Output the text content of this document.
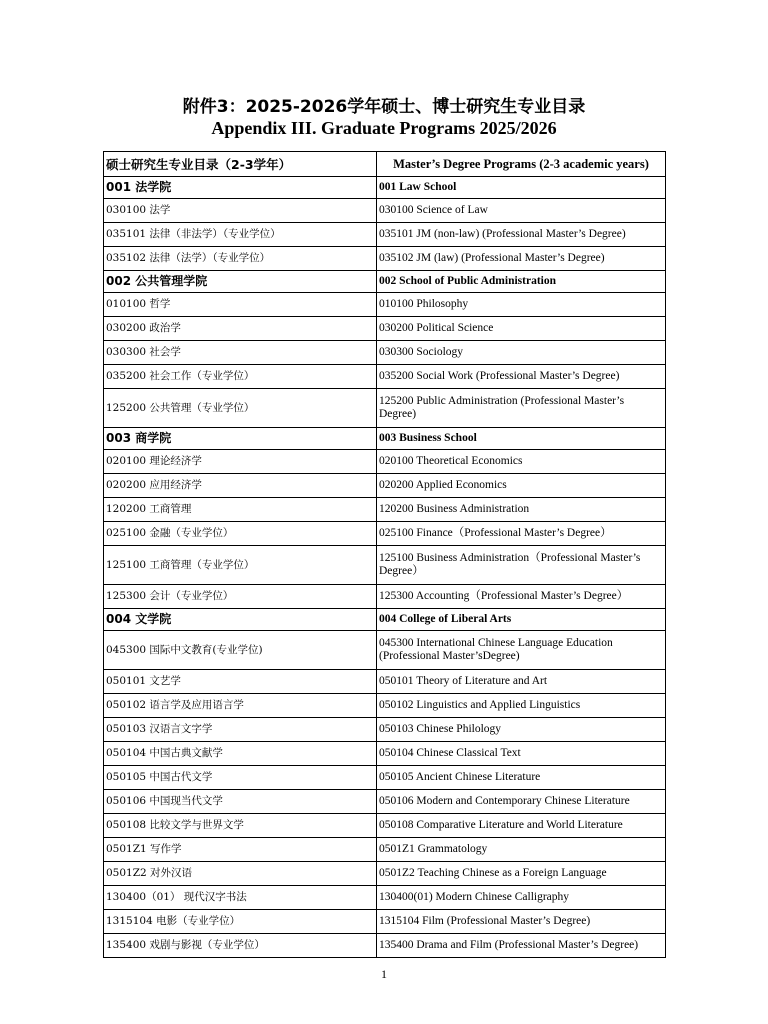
附件3：2025-2026学年硕士、博士研究生专业目录
Appendix III. Graduate Programs 2025/2026
硕士研究生专业目录（2-3学年）	Master’s Degree Programs (2-3 academic years)
001 法学院	001 Law School
030100 法学	030100 Science of Law
035101 法律（非法学）（专业学位）	035101 JM (non-law) (Professional Master’s Degree)
035102 法律（法学）（专业学位）	035102 JM (law) (Professional Master’s Degree)
002 公共管理学院	002 School of Public Administration
010100 哲学	010100 Philosophy
030200 政治学	030200 Political Science
030300 社会学	030300 Sociology
035200 社会工作（专业学位）	035200 Social Work (Professional Master’s Degree)
125200 公共管理（专业学位）	125200 Public Administration (Professional Master’s Degree)
003 商学院	003 Business School
020100 理论经济学	020100 Theoretical Economics
020200 应用经济学	020200 Applied Economics
120200 工商管理	120200 Business Administration
025100 金融（专业学位）	025100 Finance（Professional Master’s Degree）
125100 工商管理（专业学位）	125100 Business Administration（Professional Master’s Degree）
125300 会计（专业学位）	125300 Accounting（Professional Master’s Degree）
004 文学院	004 College of Liberal Arts
045300 国际中文教育(专业学位)	045300 International Chinese Language Education (Professional Master’sDegree)
050101 文艺学	050101 Theory of Literature and Art
050102 语言学及应用语言学	050102 Linguistics and Applied Linguistics
050103 汉语言文字学	050103 Chinese Philology
050104 中国古典文献学	050104 Chinese Classical Text
050105 中国古代文学	050105 Ancient Chinese Literature
050106 中国现当代文学	050106 Modern and Contemporary Chinese Literature
050108 比较文学与世界文学	050108 Comparative Literature and World Literature
0501Z1 写作学	0501Z1 Grammatology
0501Z2 对外汉语	0501Z2 Teaching Chinese as a Foreign Language
130400（01） 现代汉字书法	130400(01) Modern Chinese Calligraphy
1315104 电影（专业学位）	1315104 Film (Professional Master’s Degree)
135400 戏剧与影视（专业学位）	135400 Drama and Film (Professional Master’s Degree)
1
